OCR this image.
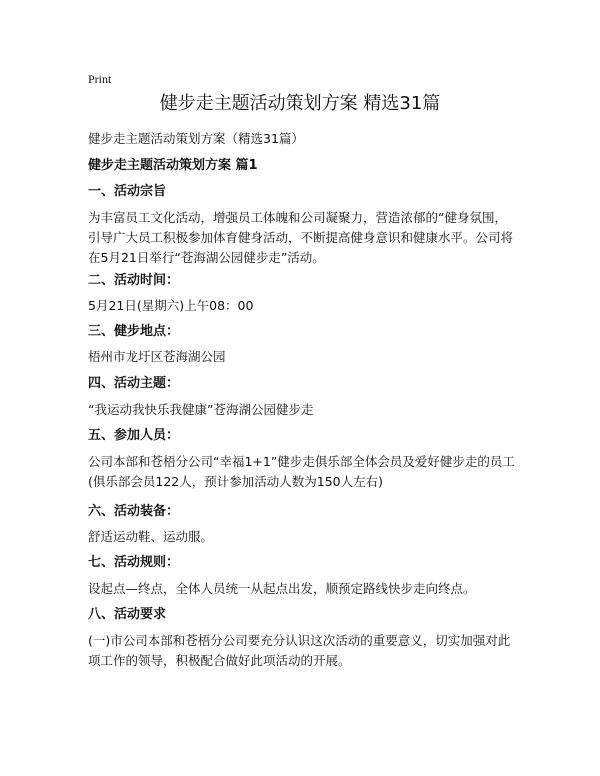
Print
健步走主题活动策划方案 精选31篇
健步走主题活动策划方案（精选31篇）
健步走主题活动策划方案 篇1
一、活动宗旨
为丰富员工文化活动，增强员工体魄和公司凝聚力，营造浓郁的“健身氛围，引导广大员工积极参加体育健身活动，不断提高健身意识和健康水平。公司将在5月21日举行“苍海湖公园健步走”活动。
二、活动时间：
5月21日(星期六)上午08：00
三、健步地点：
梧州市龙圩区苍海湖公园
四、活动主题：
“我运动我快乐我健康”苍海湖公园健步走
五、参加人员：
公司本部和苍梧分公司“幸福1+1”健步走俱乐部全体会员及爱好健步走的员工(俱乐部会员122人，预计参加活动人数为150人左右)
六、活动装备：
舒适运动鞋、运动服。
七、活动规则：
设起点—终点，全体人员统一从起点出发，顺预定路线快步走向终点。
八、活动要求
(一)市公司本部和苍梧分公司要充分认识这次活动的重要意义，切实加强对此项工作的领导，积极配合做好此项活动的开展。
